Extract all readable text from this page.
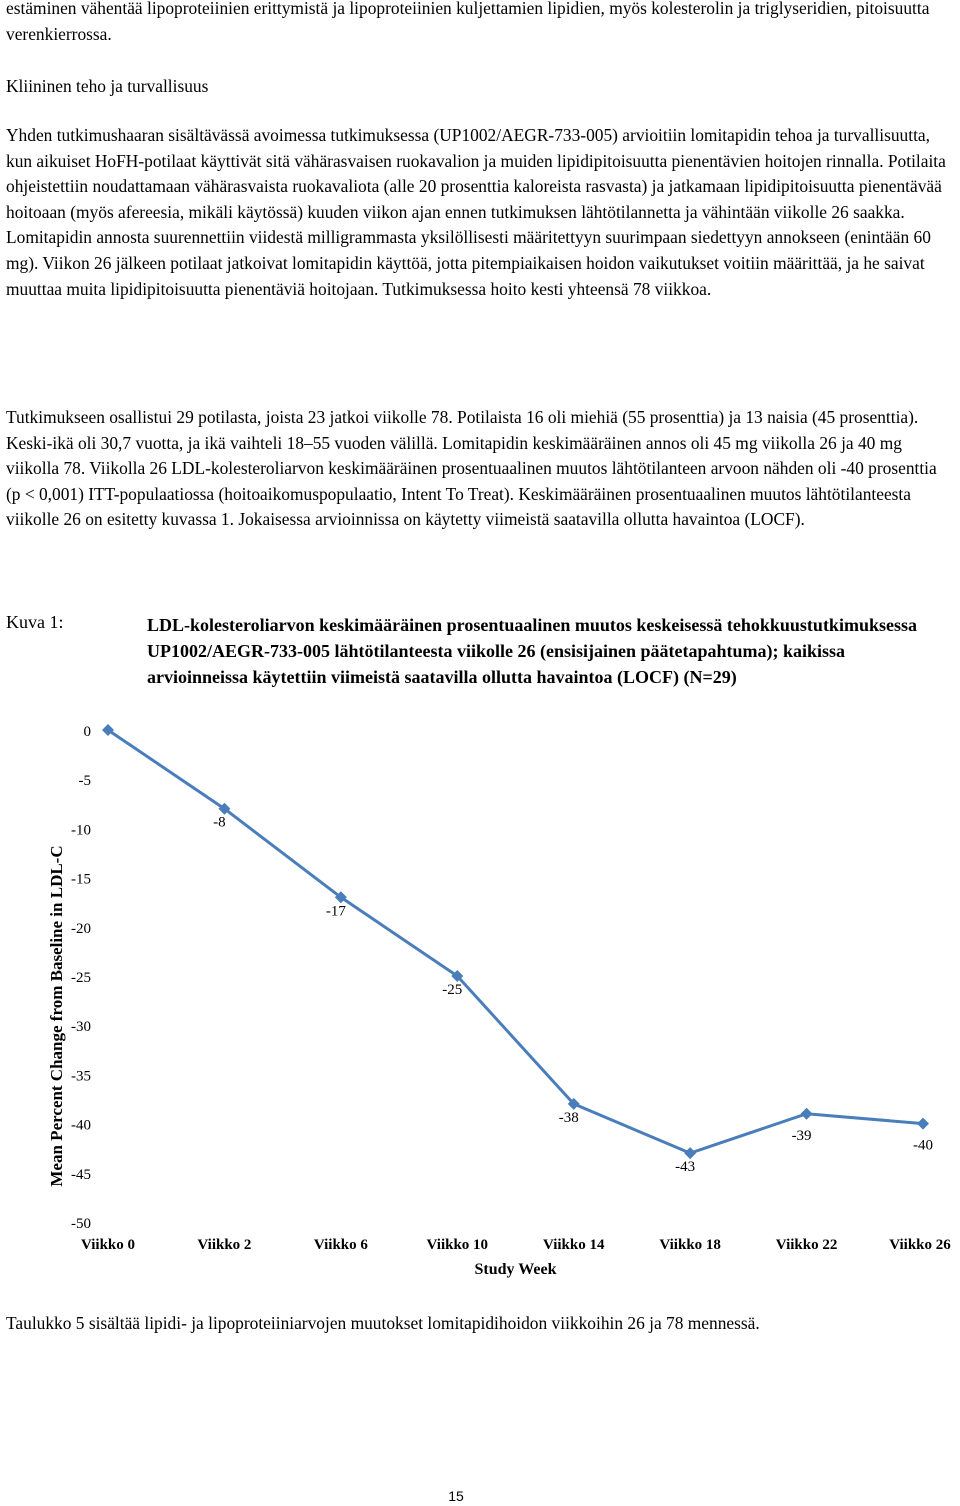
estäminen vähentää lipoproteiinien erittymistä ja lipoproteiinien kuljettamien lipidien, myös kolesterolin ja triglyseridien, pitoisuutta verenkierrossa.

Kliininen teho ja turvallisuus

Yhden tutkimushaaran sisältävässä avoimessa tutkimuksessa (UP1002/AEGR-733-005) arvioitiin lomitapidin tehoa ja turvallisuutta, kun aikuiset HoFH-potilaat käyttivät sitä vähärasvaisen ruokavalion ja muiden lipidipitoisuutta pienentävien hoitojen rinnalla. Potilaita ohjeistettiin noudattamaan vähärasvaista ruokavaliota (alle 20 prosenttia kaloreista rasvasta) ja jatkamaan lipidipitoisuutta pienentävää hoitoaan (myös afereesia, mikäli käytössä) kuuden viikon ajan ennen tutkimuksen lähtötilannetta ja vähintään viikolle 26 saakka. Lomitapidin annosta suurennettiin viidestä milligrammasta yksilöllisesti määritettyyn suurimpaan siedettyyn annokseen (enintään 60 mg). Viikon 26 jälkeen potilaat jatkoivat lomitapidin käyttöä, jotta pitempiaikaisen hoidon vaikutukset voitiin määrittää, ja he saivat muuttaa muita lipidipitoisuutta pienentäviä hoitojaan. Tutkimuksessa hoito kesti yhteensä 78 viikkoa.

Tutkimukseen osallistui 29 potilasta, joista 23 jatkoi viikolle 78. Potilaista 16 oli miehiä (55 prosenttia) ja 13 naisia (45 prosenttia). Keski-ikä oli 30,7 vuotta, ja ikä vaihteli 18–55 vuoden välillä. Lomitapidin keskimääräinen annos oli 45 mg viikolla 26 ja 40 mg viikolla 78. Viikolla 26 LDL-kolesteroliarvon keskimääräinen prosentuaalinen muutos lähtötilanteen arvoon nähden oli -40 prosenttia (p < 0,001) ITT-populaatiossa (hoitoaikomuspopulaatio, Intent To Treat). Keskimääräinen prosentuaalinen muutos lähtötilanteesta viikolle 26 on esitetty kuvassa 1. Jokaisessa arvioinnissa on käytetty viimeistä saatavilla ollutta havaintoa (LOCF).

Kuva 1:	LDL-kolesteroliarvon keskimääräinen prosentuaalinen muutos keskeisessä tehokkuustutkimuksessa UP1002/AEGR-733-005 lähtötilanteesta viikolle 26 (ensisijainen päätetapahtuma); kaikissa arvioinneissa käytettiin viimeistä saatavilla ollutta havaintoa (LOCF) (N=29)

0
-5
-10
-15
-20
-25
-30
-35
-40
-45
-50
Mean Percent Change from Baseline in LDL-C
Viikko 0	Viikko 2	Viikko 6	Viikko 10	Viikko 14	Viikko 18	Viikko 22	Viikko 26
Study Week
-8
-17
-25
-38
-43
-39
-40

Taulukko 5 sisältää lipidi- ja lipoproteiiniarvojen muutokset lomitapidihoidon viikkoihin 26 ja 78 mennessä.

15
